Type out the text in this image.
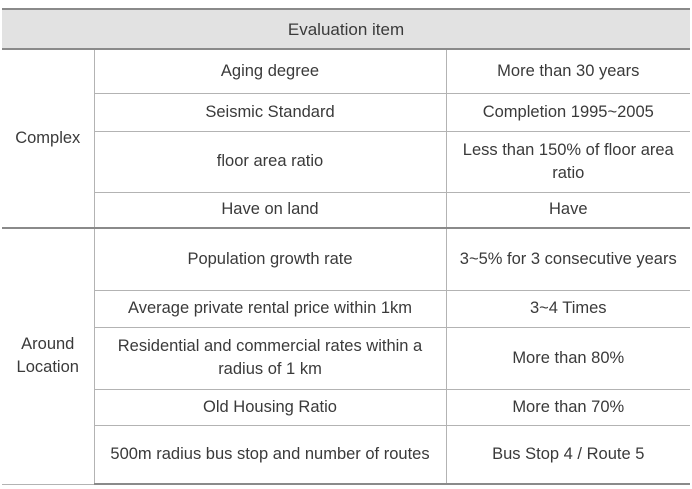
Evaluation item		
Complex	Aging degree	More than 30 years
	Seismic Standard	Completion 1995~2005
	floor area ratio	Less than 150% of floor area ratio
	Have on land	Have
Around Location	Population growth rate	3~5% for 3 consecutive years
	Average private rental price within 1km	3~4 Times
	Residential and commercial rates within a radius of 1 km	More than 80%
	Old Housing Ratio	More than 70%
	500m radius bus stop and number of routes	Bus Stop 4 / Route 5
